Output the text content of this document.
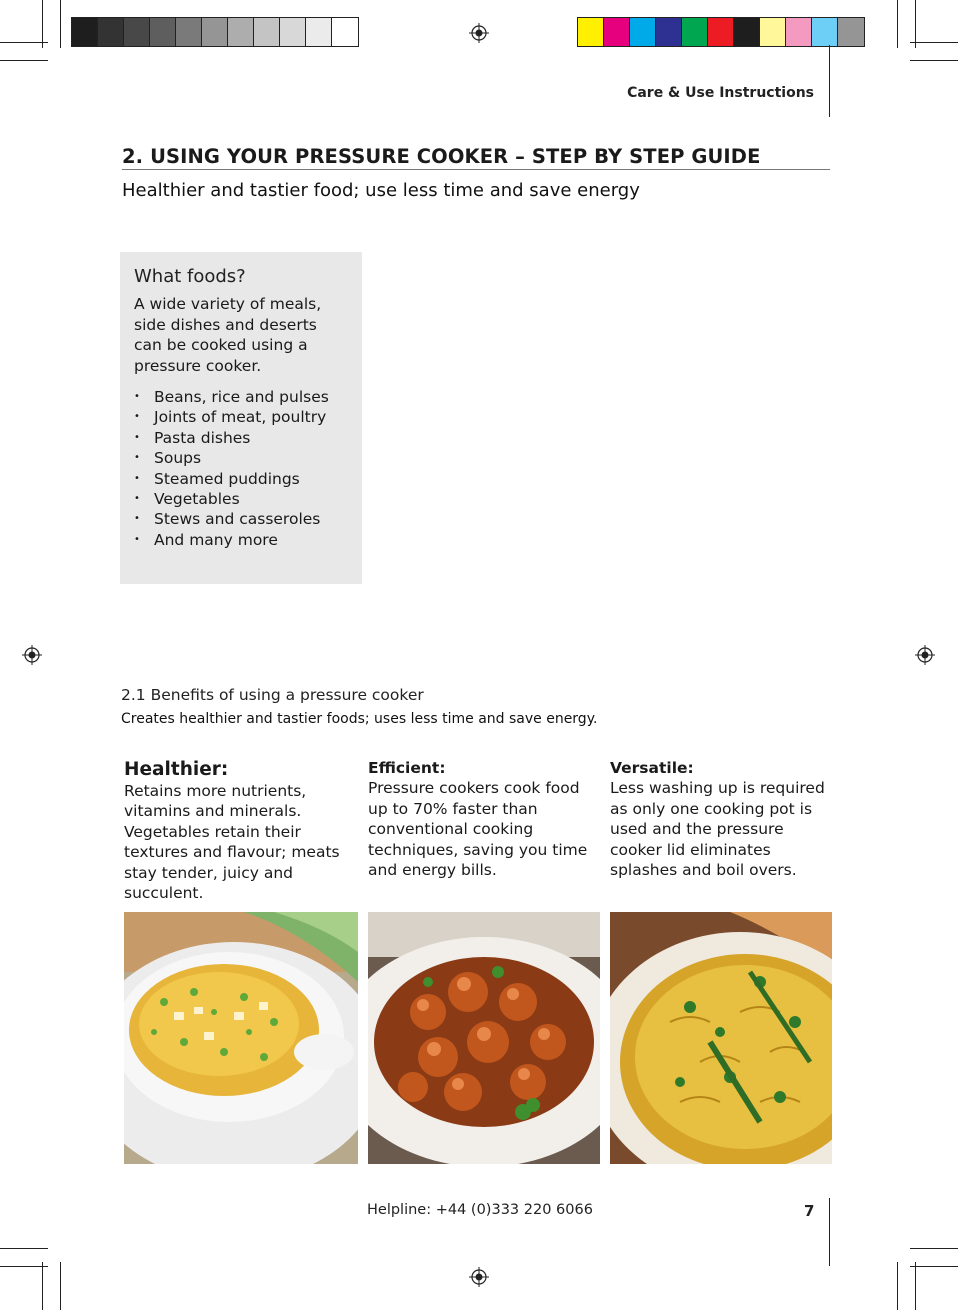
Care & Use Instructions
2. USING YOUR PRESSURE COOKER – STEP BY STEP GUIDE
Healthier and tastier food; use less time and save energy
What foods?
A wide variety of meals, side dishes and deserts can be cooked using a pressure cooker.
• Beans, rice and pulses
• Joints of meat, poultry
• Pasta dishes
• Soups
• Steamed puddings
• Vegetables
• Stews and casseroles
• And many more
2.1 Benefits of using a pressure cooker
Creates healthier and tastier foods; uses less time and save energy.
Healthier:

Retains more nutrients, vitamins and minerals. Vegetables retain their textures and flavour; meats stay tender, juicy and succulent.

Efficient:

Pressure cookers cook food up to 70% faster than conventional cooking techniques, saving you time and energy bills.

Versatile:

Less washing up is required as only one cooking pot is used and the pressure cooker lid eliminates splashes and boil overs.

Helpline: +44 (0)333 220 6066	7
